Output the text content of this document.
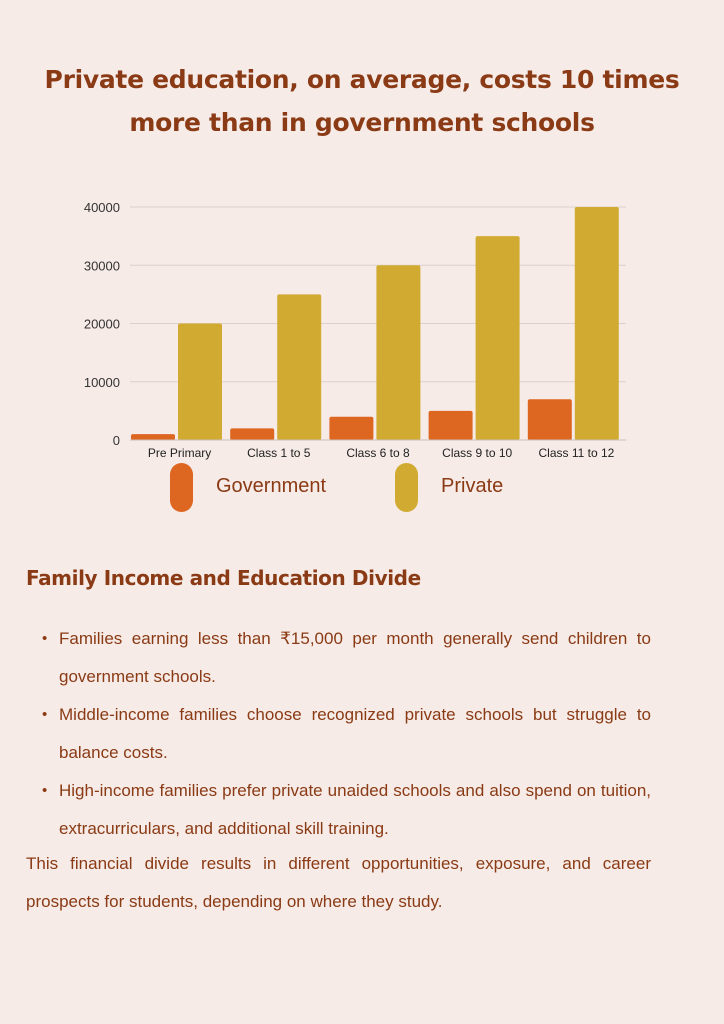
Private education, on average, costs 10 times
more than in government schools
0
10000
20000
30000
40000
Pre Primary	Class 1 to 5	Class 6 to 8	Class 9 to 10 Class 11 to 12
Government	Private
Family Income and Education Divide
• Families earning less than ₹15,000 per month generally send children to government schools.
• Middle-income families choose recognized private schools but struggle to balance costs.
• High-income families prefer private unaided schools and also spend on tuition, extracurriculars, and additional skill training.

This financial divide results in different opportunities, exposure, and career prospects for students, depending on where they study.
